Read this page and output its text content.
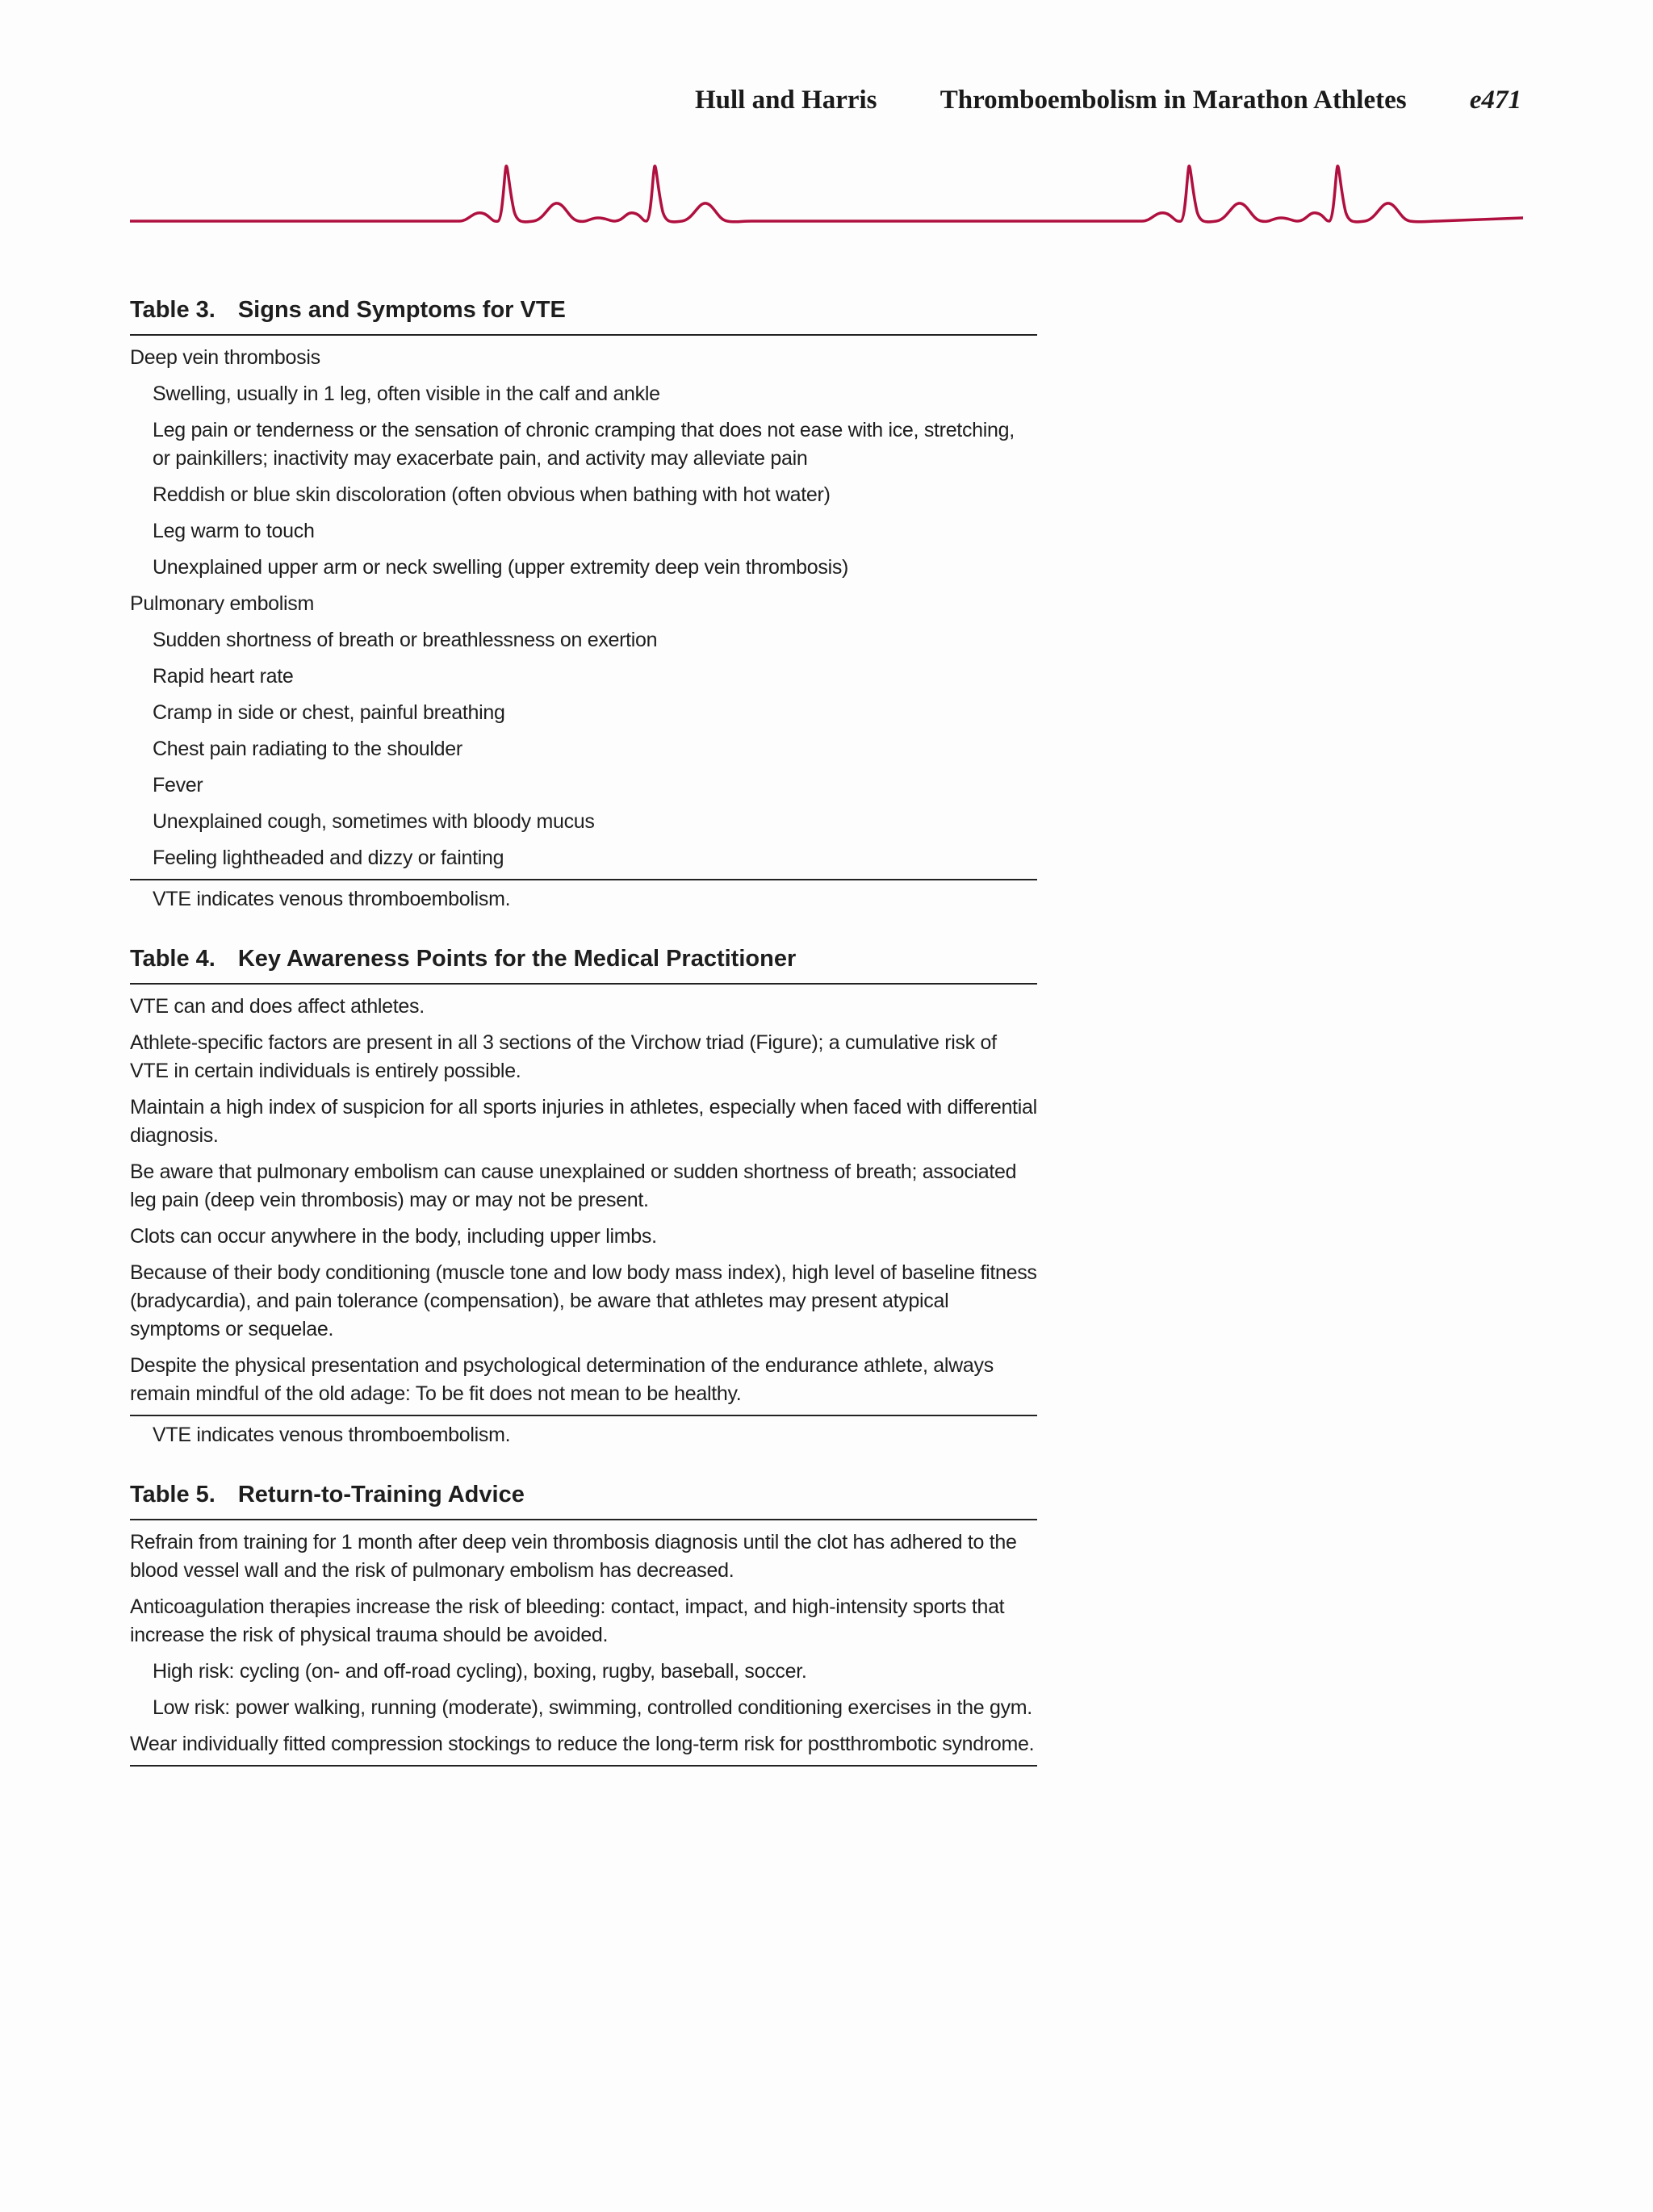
Hull and Harris Thromboembolism in Marathon Athletes e471
Table 3. Signs and Symptoms for VTE
Deep vein thrombosis
Swelling, usually in 1 leg, often visible in the calf and ankle
Leg pain or tenderness or the sensation of chronic cramping that does not ease with ice, stretching, or painkillers; inactivity may exacerbate pain, and activity may alleviate pain
Reddish or blue skin discoloration (often obvious when bathing with hot water)
Leg warm to touch
Unexplained upper arm or neck swelling (upper extremity deep vein thrombosis)
Pulmonary embolism
Sudden shortness of breath or breathlessness on exertion
Rapid heart rate
Cramp in side or chest, painful breathing
Chest pain radiating to the shoulder
Fever
Unexplained cough, sometimes with bloody mucus
Feeling lightheaded and dizzy or fainting
VTE indicates venous thromboembolism.
Table 4. Key Awareness Points for the Medical Practitioner
VTE can and does affect athletes.
Athlete-specific factors are present in all 3 sections of the Virchow triad (Figure); a cumulative risk of VTE in certain individuals is entirely possible.
Maintain a high index of suspicion for all sports injuries in athletes, especially when faced with differential diagnosis.
Be aware that pulmonary embolism can cause unexplained or sudden shortness of breath; associated leg pain (deep vein thrombosis) may or may not be present.
Clots can occur anywhere in the body, including upper limbs.
Because of their body conditioning (muscle tone and low body mass index), high level of baseline fitness (bradycardia), and pain tolerance (compensation), be aware that athletes may present atypical symptoms or sequelae.
Despite the physical presentation and psychological determination of the endurance athlete, always remain mindful of the old adage: To be fit does not mean to be healthy.
VTE indicates venous thromboembolism.
Table 5. Return-to-Training Advice
Refrain from training for 1 month after deep vein thrombosis diagnosis until the clot has adhered to the blood vessel wall and the risk of pulmonary embolism has decreased.
Anticoagulation therapies increase the risk of bleeding: contact, impact, and high-intensity sports that increase the risk of physical trauma should be avoided.
High risk: cycling (on- and off-road cycling), boxing, rugby, baseball, soccer.
Low risk: power walking, running (moderate), swimming, controlled conditioning exercises in the gym.
Wear individually fitted compression stockings to reduce the long-term risk for postthrombotic syndrome.
